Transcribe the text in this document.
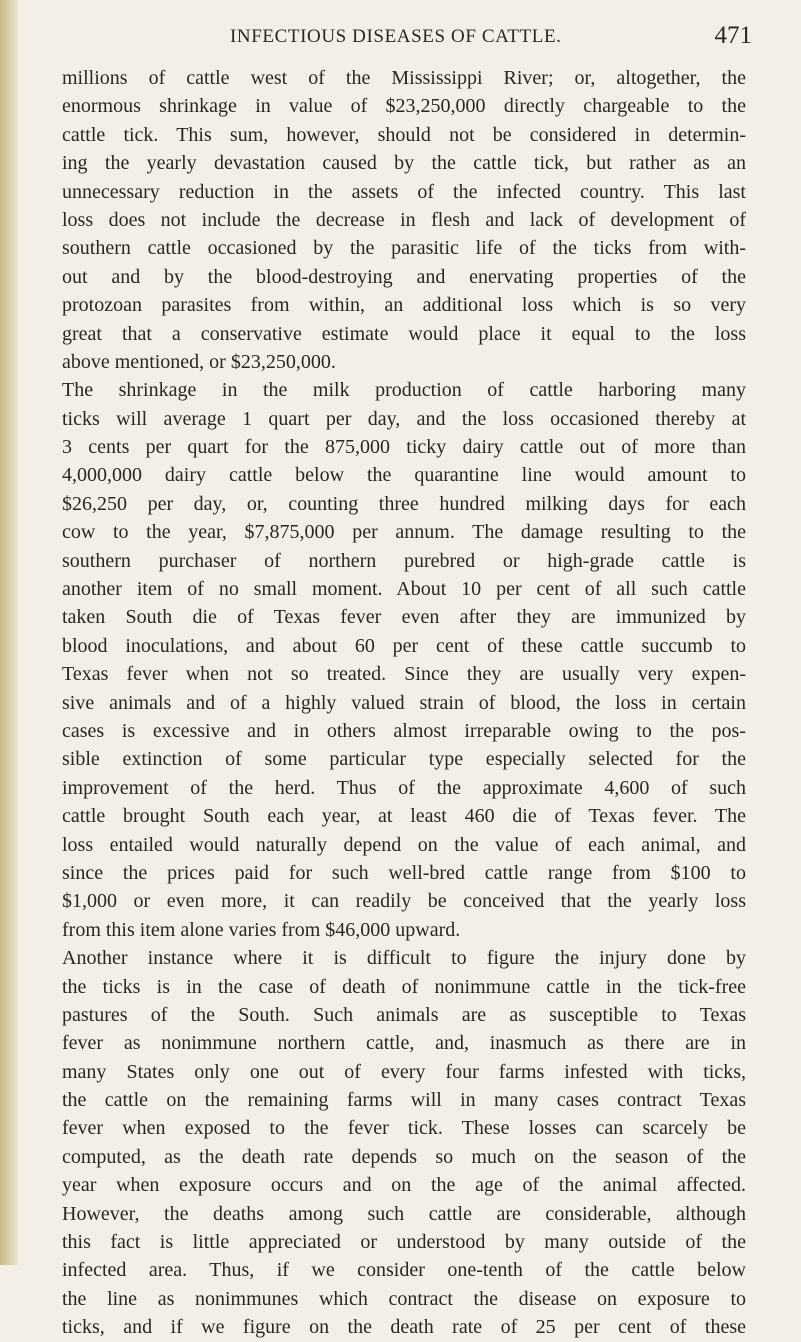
INFECTIOUS DISEASES OF CATTLE.	471
millions of cattle west of the Mississippi River; or, altogether, the
enormous shrinkage in value of $23,250,000 directly chargeable to the
cattle tick. This sum, however, should not be considered in determin-
ing the yearly devastation caused by the cattle tick, but rather as an
unnecessary reduction in the assets of the infected country. This last
loss does not include the decrease in flesh and lack of development of
southern cattle occasioned by the parasitic life of the ticks from with-
out and by the blood-destroying and enervating properties of the
protozoan parasites from within, an additional loss which is so very
great that a conservative estimate would place it equal to the loss
above mentioned, or $23,250,000.
The shrinkage in the milk production of cattle harboring many
ticks will average 1 quart per day, and the loss occasioned thereby at
3 cents per quart for the 875,000 ticky dairy cattle out of more than
4,000,000 dairy cattle below the quarantine line would amount to
$26,250 per day, or, counting three hundred milking days for each
cow to the year, $7,875,000 per annum. The damage resulting to the
southern purchaser of northern purebred or high-grade cattle is
another item of no small moment. About 10 per cent of all such cattle
taken South die of Texas fever even after they are immunized by
blood inoculations, and about 60 per cent of these cattle succumb to
Texas fever when not so treated. Since they are usually very expen-
sive animals and of a highly valued strain of blood, the loss in certain
cases is excessive and in others almost irreparable owing to the pos-
sible extinction of some particular type especially selected for the
improvement of the herd. Thus of the approximate 4,600 of such
cattle brought South each year, at least 460 die of Texas fever. The
loss entailed would naturally depend on the value of each animal, and
since the prices paid for such well-bred cattle range from $100 to
$1,000 or even more, it can readily be conceived that the yearly loss
from this item alone varies from $46,000 upward.
Another instance where it is difficult to figure the injury done by
the ticks is in the case of death of nonimmune cattle in the tick-free
pastures of the South. Such animals are as susceptible to Texas
fever as nonimmune northern cattle, and, inasmuch as there are in
many States only one out of every four farms infested with ticks,
the cattle on the remaining farms will in many cases contract Texas
fever when exposed to the fever tick. These losses can scarcely be
computed, as the death rate depends so much on the season of the
year when exposure occurs and on the age of the animal affected.
However, the deaths among such cattle are considerable, although
this fact is little appreciated or understood by many outside of the
infected area. Thus, if we consider one-tenth of the cattle below
the line as nonimmunes which contract the disease on exposure to
ticks, and if we figure on the death rate of 25 per cent of these
